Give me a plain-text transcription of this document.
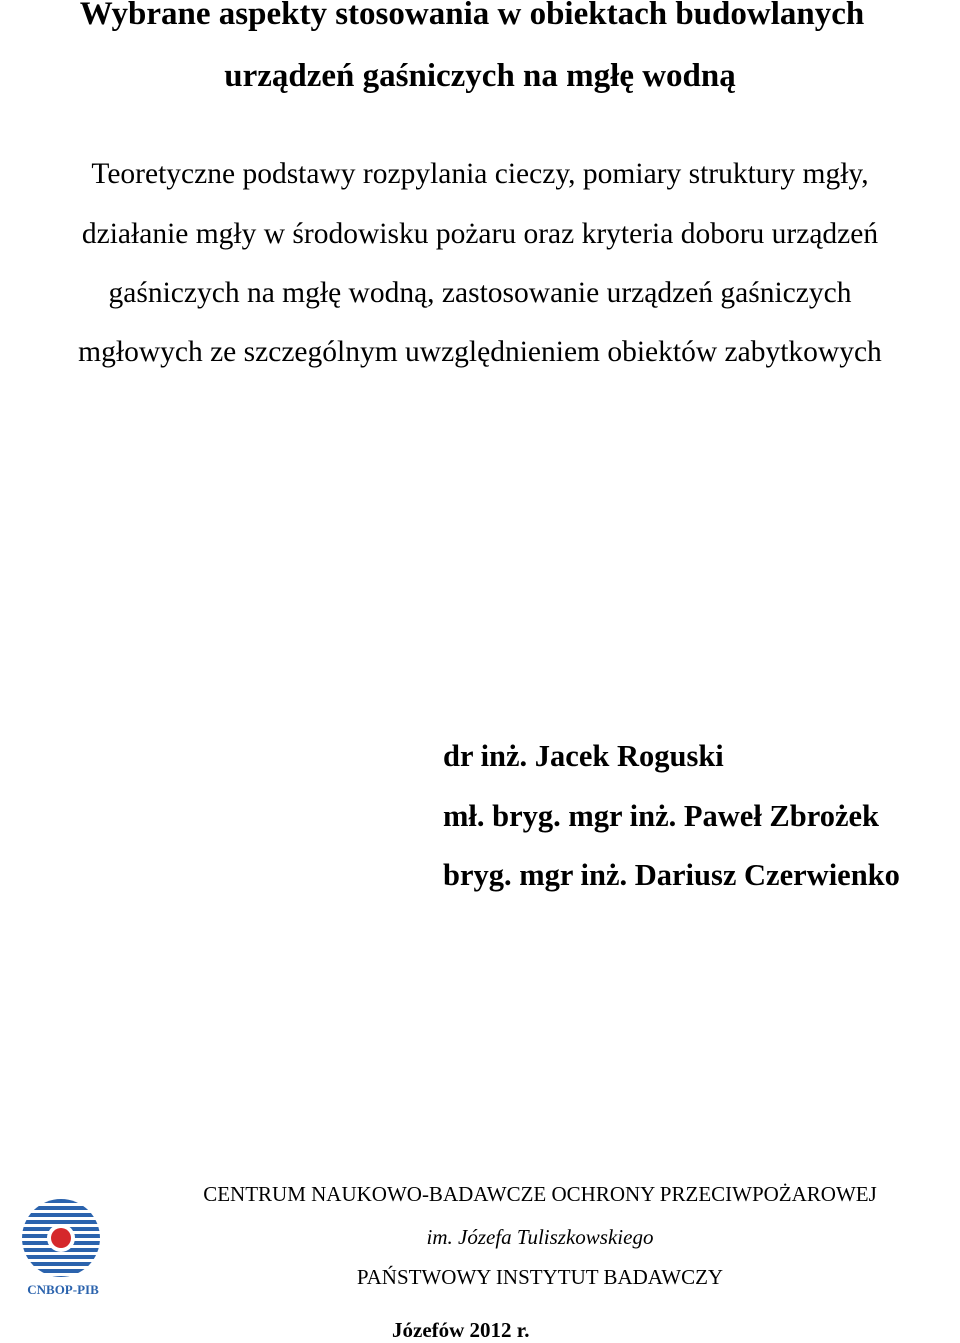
Wybrane aspekty stosowania w obiektach budowlanych
urządzeń gaśniczych na mgłę wodną
Teoretyczne podstawy rozpylania cieczy, pomiary struktury mgły,
działanie mgły w środowisku pożaru oraz kryteria doboru urządzeń
gaśniczych na mgłę wodną, zastosowanie urządzeń gaśniczych
mgłowych ze szczególnym uwzględnieniem obiektów zabytkowych
dr inż. Jacek Roguski
mł. bryg. mgr inż. Paweł Zbrożek
bryg. mgr inż. Dariusz Czerwienko
CNBOP-PIB
CENTRUM NAUKOWO-BADAWCZE OCHRONY PRZECIWPOŻAROWEJ
im. Józefa Tuliszkowskiego
PAŃSTWOWY INSTYTUT BADAWCZY
Józefów 2012 r.
